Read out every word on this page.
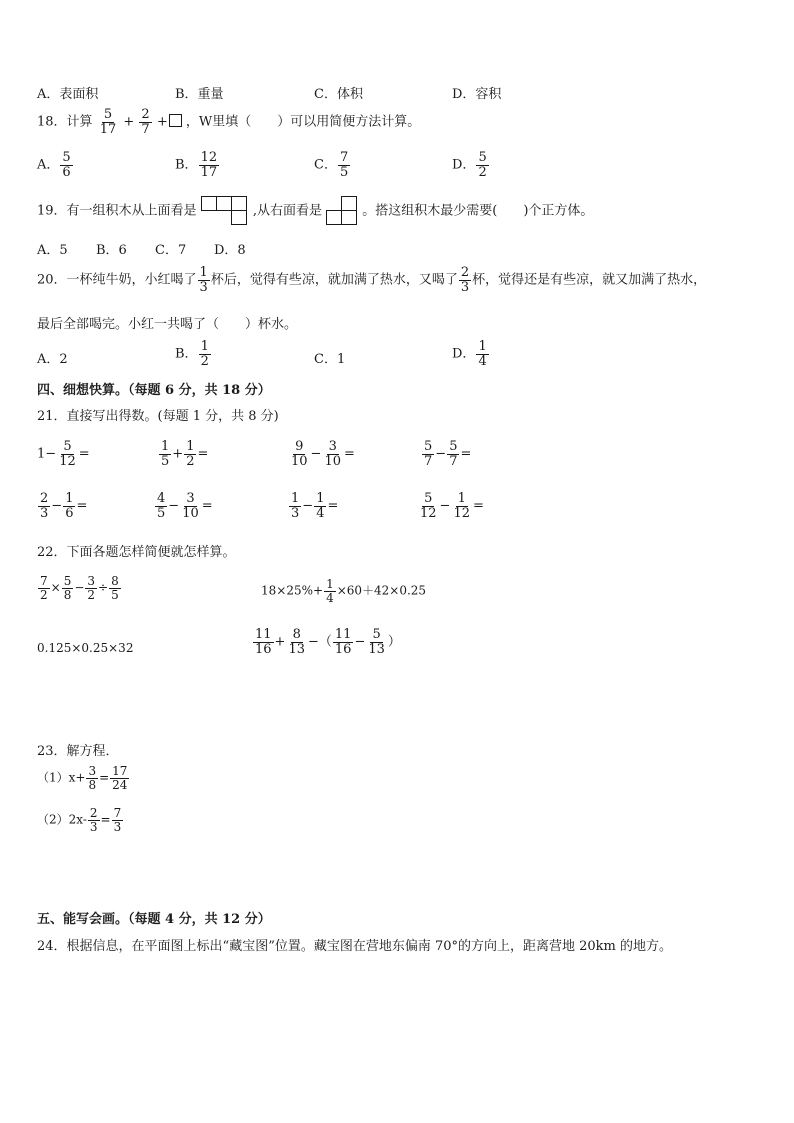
A．表面积	B．重量	C．体积	D．容积
18．计算 $\frac{5}{17} + \frac{2}{7}$ + ，W里填（　　）可以用简便方法计算。
A． $\frac{5}{6}$	B． $\frac{12}{17}$	C． $\frac{7}{5}$	D． $\frac{5}{2}$
19．有一组积木从上面看是	,从右面看是	。搭这组积木最少需要(　　)个正方体。
A．5 B．6 C．7 D．8
20．一杯纯牛奶，小红喝了 $\frac{1}{3}$ 杯后，觉得有些凉，就加满了热水，又喝了 $\frac{2}{3}$ 杯，觉得还是有些凉，就又加满了热水，
最后全部喝完。小红一共喝了（　　）杯水。
A．2	B． $\frac{1}{2}$	C．1	D． $\frac{1}{4}$
四、细想快算。（每题 6 分，共 18 分）
21．直接写出得数。(每题 1 分，共 8 分)
$1- \frac{5}{12}$ =	$\frac{1}{5} + \frac{1}{2}$ =	$\frac{9}{10} - \frac{3}{10}$ =	$\frac{5}{7} - \frac{5}{7}$ =
$\frac{2}{3} - \frac{1}{6}$ =	$\frac{4}{5} - \frac{3}{10}$ =	$\frac{1}{3} - \frac{1}{4}$ =	$\frac{5}{12} - \frac{1}{12}$ =
22．下面各题怎样简便就怎样算。
$\frac{7}{2} \times \frac{5}{8} - \frac{3}{2} \div \frac{8}{5}$	$18\times 25\%+ \frac{1}{4} \times 60+42\times 0.25$
0.125×0.25×32	$\frac{11}{16} + \frac{8}{13}$ −（ $\frac{11}{16} - \frac{5}{13}$ ）
23．解方程．
$(1)x+ \frac{3}{8} = \frac{17}{24}$
$(2)2x- \frac{2}{3} = \frac{7}{3}$
五、能写会画。（每题 4 分，共 12 分）
24．根据信息，在平面图上标出“藏宝图”位置。藏宝图在营地东偏南 70°的方向上，距离营地 20km 的地方。
